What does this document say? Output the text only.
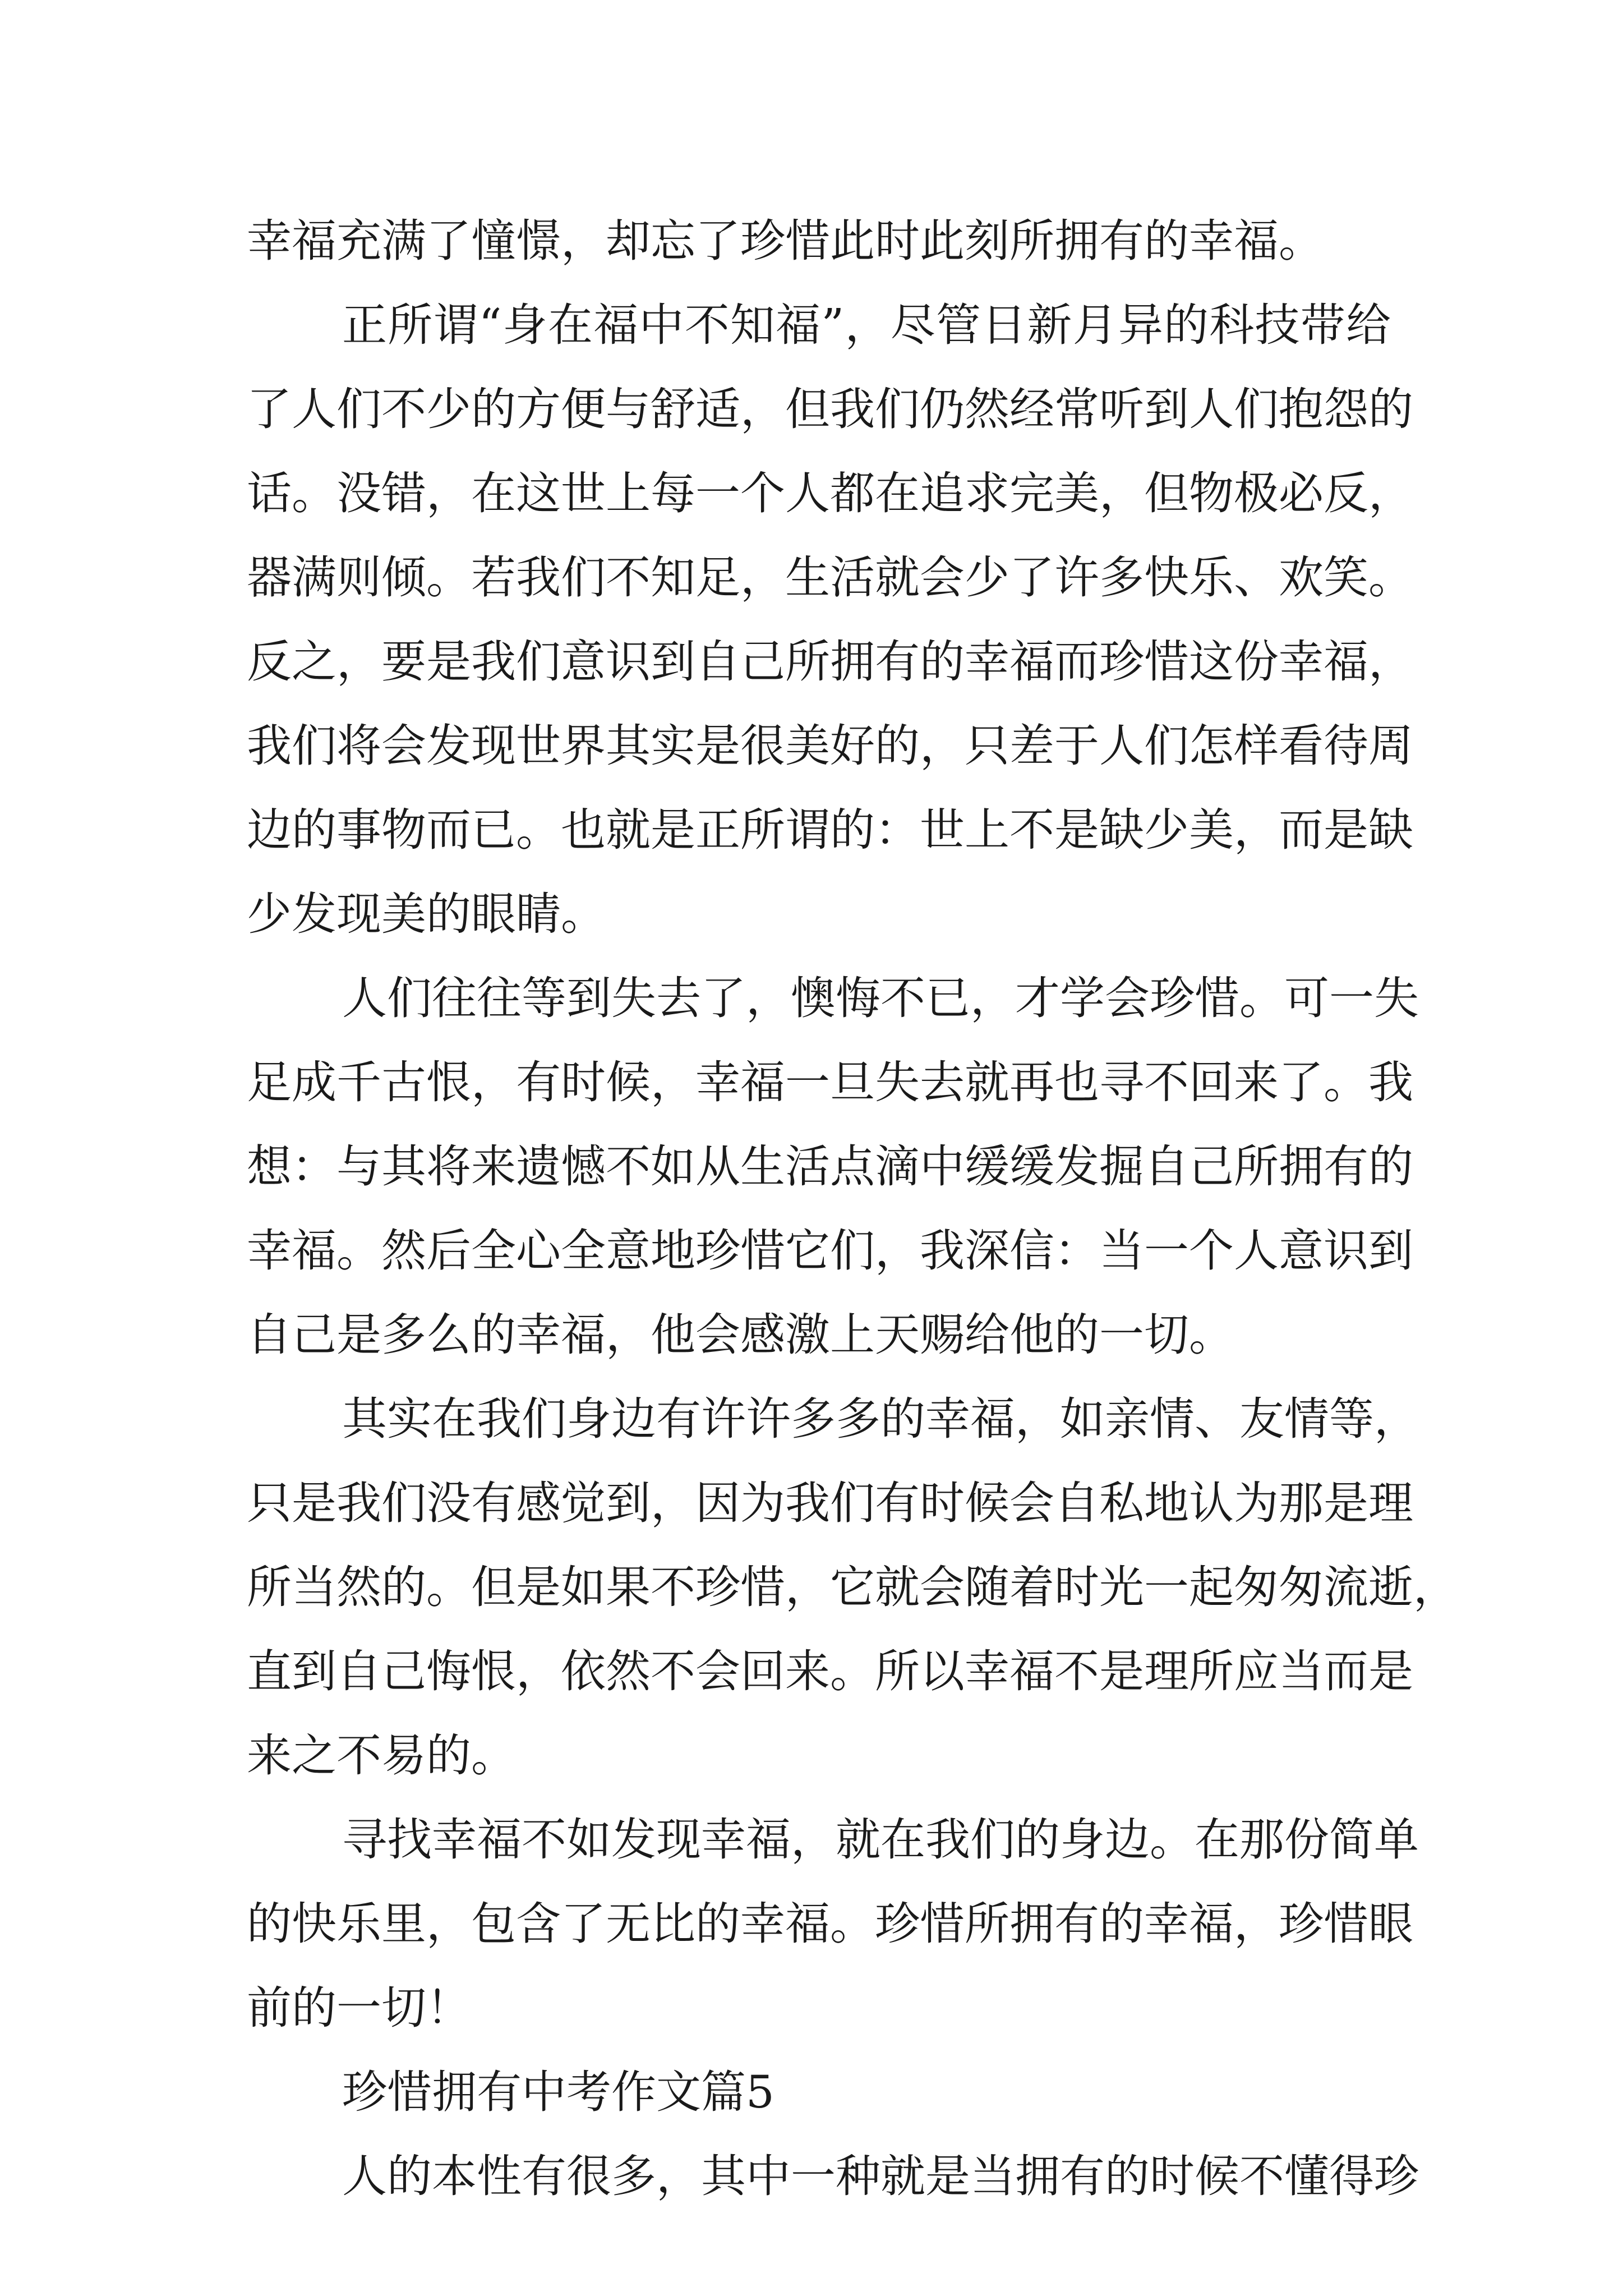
幸福充满了憧憬，却忘了珍惜此时此刻所拥有的幸福。
正所谓“身在福中不知福”，尽管日新月异的科技带给
了人们不少的方便与舒适，但我们仍然经常听到人们抱怨的
话。没错，在这世上每一个人都在追求完美，但物极必反，
器满则倾。若我们不知足，生活就会少了许多快乐、欢笑。
反之，要是我们意识到自己所拥有的幸福而珍惜这份幸福，
我们将会发现世界其实是很美好的，只差于人们怎样看待周
边的事物而已。也就是正所谓的：世上不是缺少美，而是缺
少发现美的眼睛。
人们往往等到失去了，懊悔不已，才学会珍惜。可一失
足成千古恨，有时候，幸福一旦失去就再也寻不回来了。我
想：与其将来遗憾不如从生活点滴中缓缓发掘自己所拥有的
幸福。然后全心全意地珍惜它们，我深信：当一个人意识到
自己是多么的幸福，他会感激上天赐给他的一切。
其实在我们身边有许许多多的幸福，如亲情、友情等，
只是我们没有感觉到，因为我们有时候会自私地认为那是理
所当然的。但是如果不珍惜，它就会随着时光一起匆匆流逝，
直到自己悔恨，依然不会回来。所以幸福不是理所应当而是
来之不易的。
寻找幸福不如发现幸福，就在我们的身边。在那份简单
的快乐里，包含了无比的幸福。珍惜所拥有的幸福，珍惜眼
前的一切！
珍惜拥有中考作文篇5
人的本性有很多，其中一种就是当拥有的时候不懂得珍
